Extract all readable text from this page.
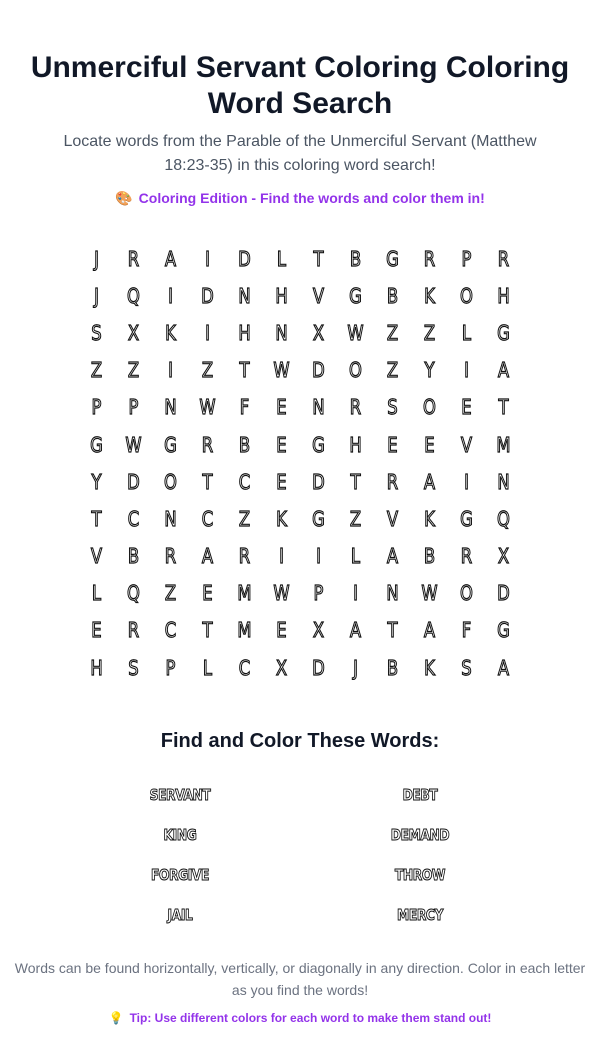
Unmerciful Servant Coloring Coloring Word Search

Locate words from the Parable of the Unmerciful Servant (Matthew 18:23-35) in this coloring word search!

🎨 Coloring Edition - Find the words and color them in!
J	R	A	I	D	L	T	B	G	R	P	R
J	Q	I	D	N	H	V	G	B	K	O	H
S	X	K	I	H	N	X	W	Z	Z	L	G
Z	Z	I	Z	T	W	D	O	Z	Y	I	A
P	P	N	W	F	E	N	R	S	O	E	T
G	W	G	R	B	E	G	H	E	E	V	M
Y	D	O	T	C	E	D	T	R	A	I	N
T	C	N	C	Z	K	G	Z	V	K	G	Q
V	B	R	A	R	I	I	L	A	B	R	X
L	Q	Z	E	M	W	P	I	N	W	O	D
E	R	C	T	M	E	X	A	T	A	F	G
H	S	P	L	C	X	D	J	B	K	S	A
Find and Color These Words:
SERVANT	DEBT
KING	DEMAND
FORGIVE	THROW
JAIL	MERCY

Words can be found horizontally, vertically, or diagonally in any direction. Color in each letter as you find the words!

💡 Tip: Use different colors for each word to make them stand out!
